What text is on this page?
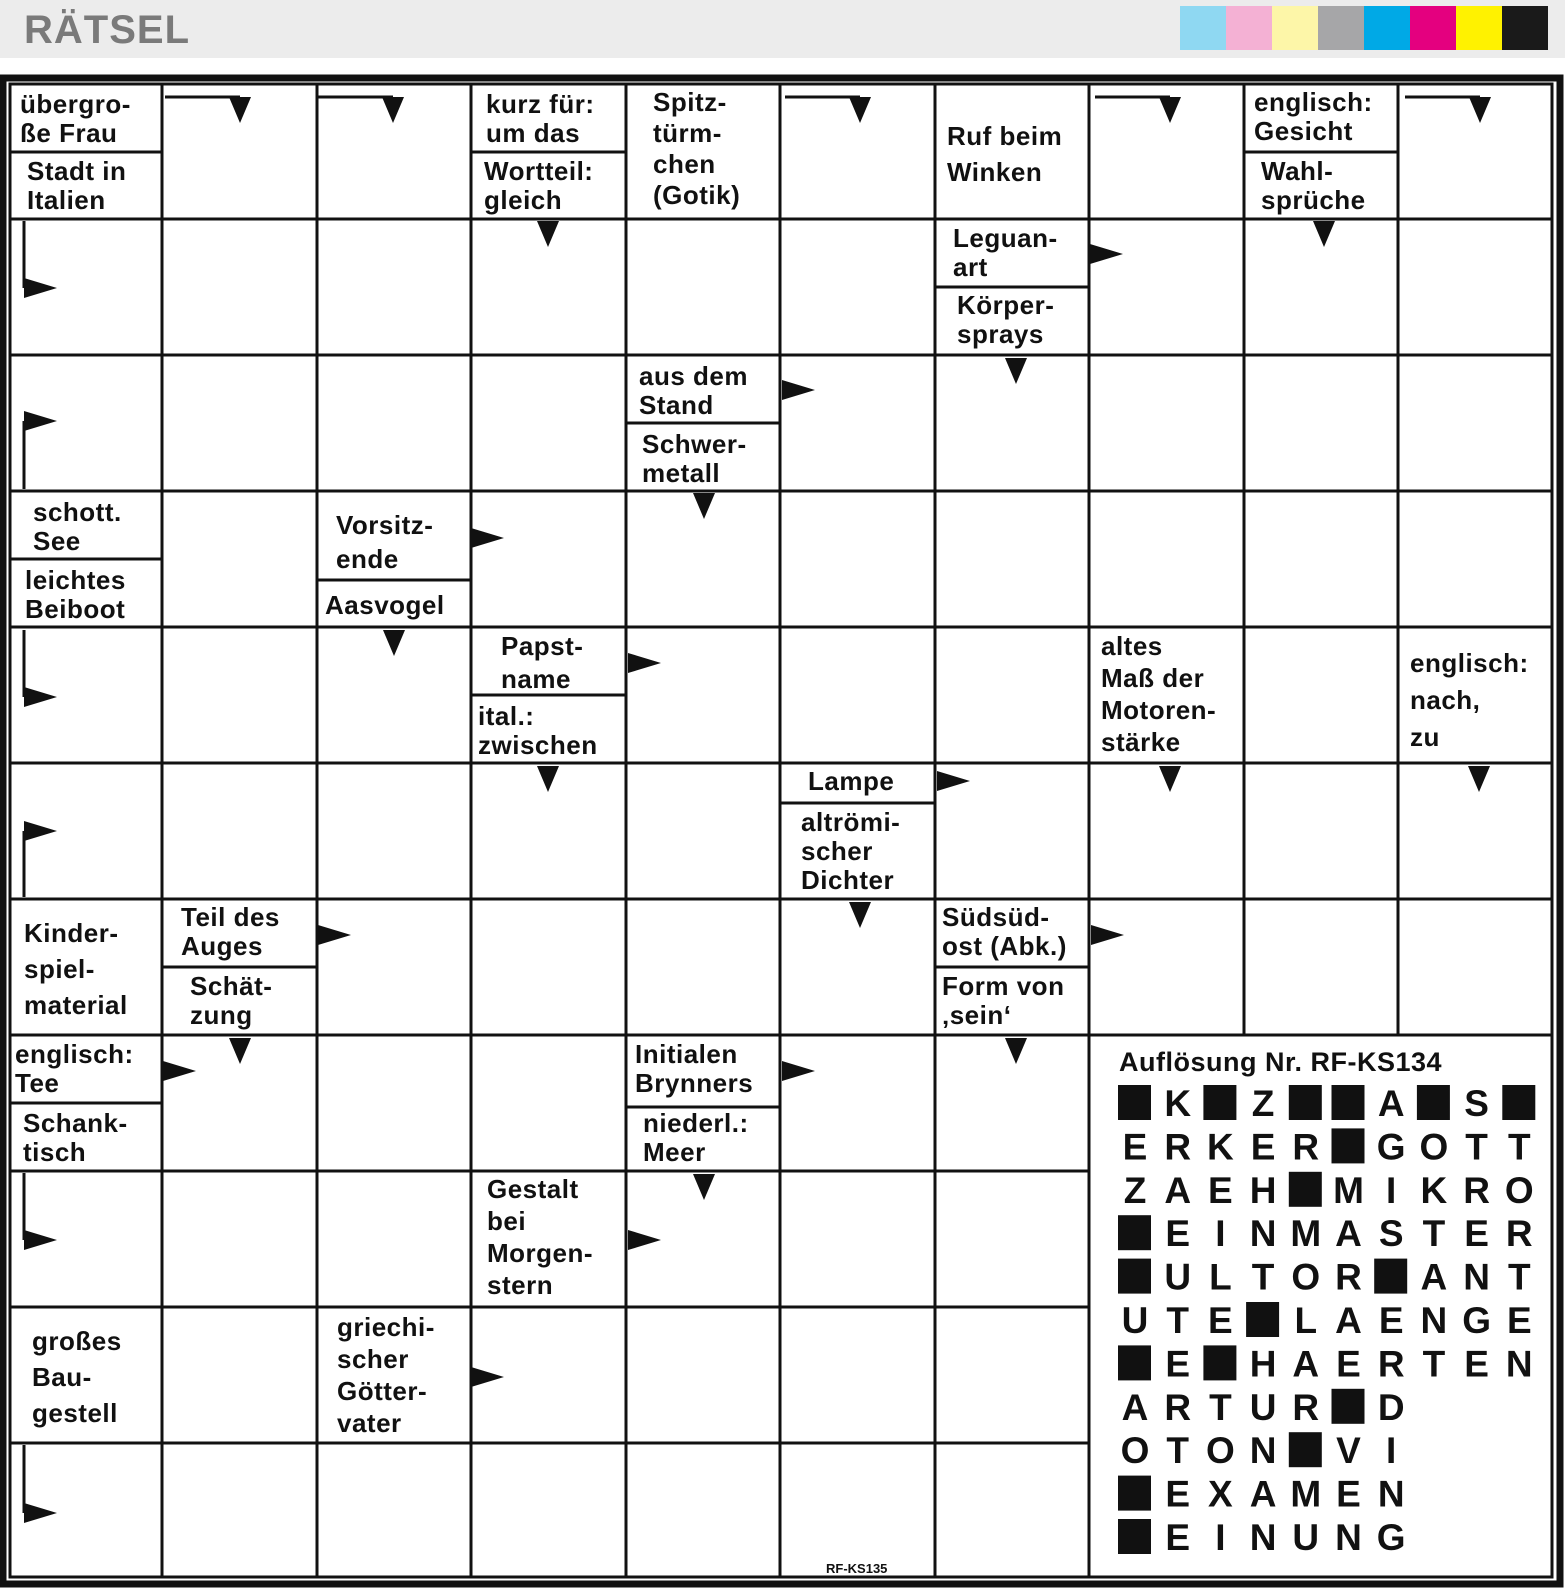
RÄTSEL
K Z	A S
E R K E R G O T T
Z A E H M I K R O
E I N M A S T E R
U L T O R A N T
U T E L A E N G E
E H A E R T E N
A R T U R D
O T O N V I
E X A M E N
E I N U N G
übergro-
ße Frau
Stadt in
Italien
kurz für:
um das
Wortteil:
gleich
Spitz-
türm-
chen
(Gotik)
Ruf beim
Winken
englisch:
Gesicht
Wahl-
sprüche
Leguan-
art
Körper-
sprays
aus dem
Stand
Schwer-
metall
schott.
See
leichtes
Beiboot
Vorsitz-
ende
Aasvogel
Papst-
name
ital.:
zwischen
altes
Maß der
Motoren-
stärke
englisch:
nach,
zu
Lampe
altrömi-
scher
Dichter
Kinder-
spiel-
material
Teil des
Auges
Schät-
zung
Südsüd-
ost (Abk.)
Form von
‚sein‘
englisch:
Tee
Schank-
tisch
Initialen
Brynners
niederl.:
Meer
Gestalt
bei
Morgen-
stern
großes
Bau-
gestell
griechi-
scher
Götter-
vater
Auflösung Nr. RF-KS134
RF-KS135
